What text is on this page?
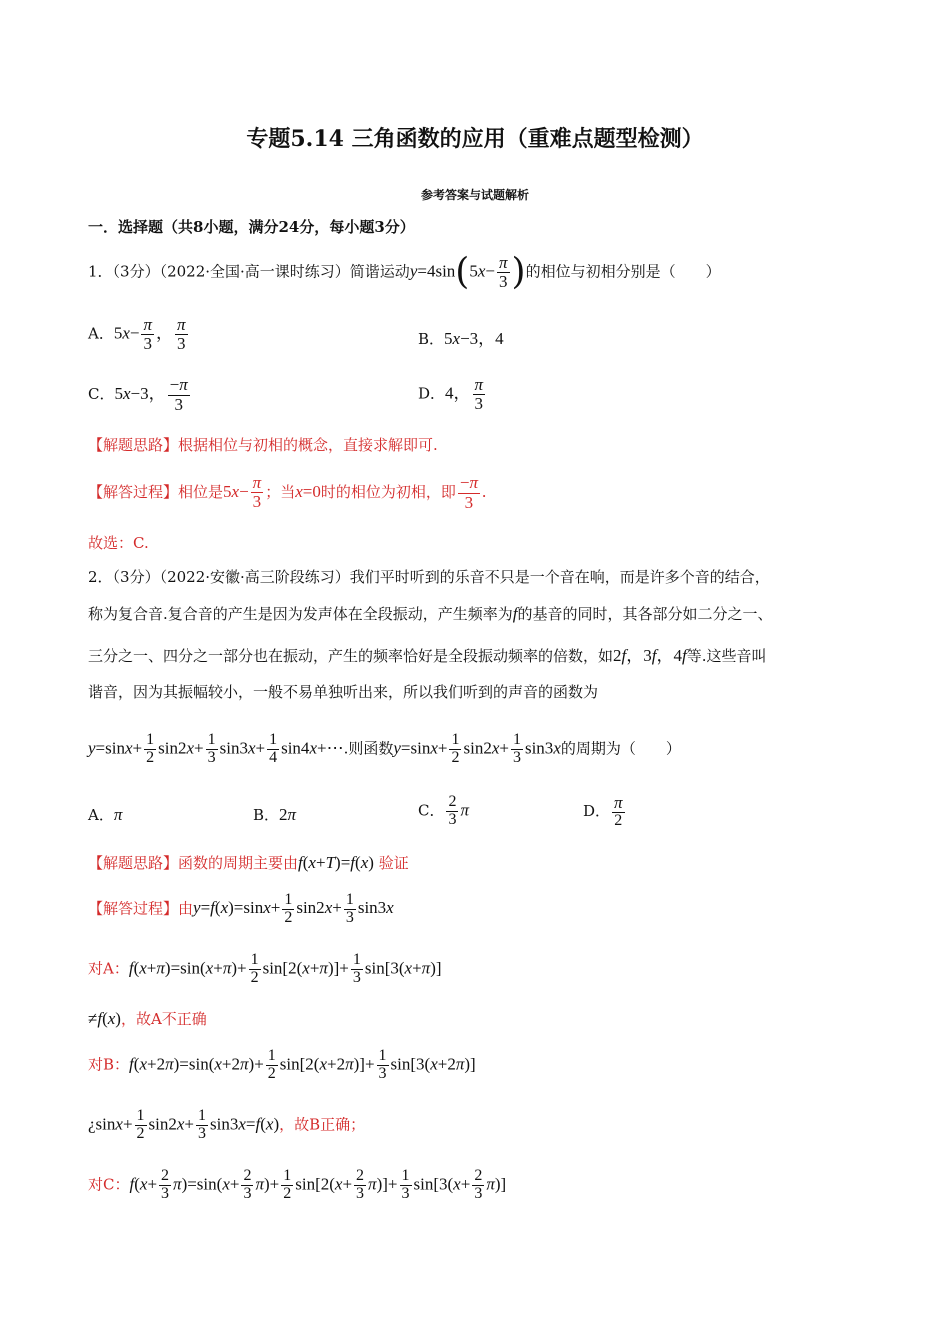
专题5.14 三角函数的应用（重难点题型检测）
参考答案与试题解析
一．选择题（共8小题，满分24分，每小题3分）
1．（3分）（2022·全国·高一课时练习）简谐运动$y=4\sin(5x- \frac{\pi}{3}$ )的相位与初相分别是（　　）
A．$5x- \frac{\pi}{3}$ ， $\frac{\pi}{3}$	B．5x−3，4
C．5x−3， $\frac{-\pi}{3}$	D．4， $\frac{\pi}{3}$
【解题思路】根据相位与初相的概念，直接求解即可.
【解答过程】相位是$5x- \frac{\pi}{3}$ ；当x=0时的相位为初相，即 $\frac{-\pi}{3}$ .
故选：C.
2．（3分）（2022·安徽·高三阶段练习）我们平时听到的乐音不只是一个音在响，而是许多个音的结合，
称为复合音.复合音的产生是因为发声体在全段振动，产生频率为f的基音的同时，其各部分如二分之一、
三分之一、四分之一部分也在振动，产生的频率恰好是全段振动频率的倍数，如2f，3f，4f等.这些音叫
谐音，因为其振幅较小，一般不易单独听出来，所以我们听到的声音的函数为
$y=\sin x+ \frac{1}{2} \sin 2x+ \frac{1}{3} \sin 3x+ \frac{1}{4}$ sin4x+⋯.则函数$y=\sin x+ \frac{1}{2} \sin 2x+ \frac{1}{3} \sin 3x$的周期为（　　）
A．π	B．2π	C． $\frac{2}{3}$ π	D． $\frac{\pi}{2}$
【解题思路】函数的周期主要由f(x+T)=f(x) 验证
【解答过程】由$y=f(x)=\sin x+ \frac{1}{2} \sin 2x+ \frac{1}{3} \sin 3x$
对A：$f(x+\pi)=\sin(x+\pi)+ \frac{1}{2} \sin[2(x+\pi)]+ \frac{1}{3} \sin[3(x+\pi)]$
≠f(x)，故A不正确
对B：$f(x+2\pi)=\sin(x+2\pi)+ \frac{1}{2} \sin[2(x+2\pi)]+ \frac{1}{3} \sin[3(x+2\pi)]$
¿$\sin x+ \frac{1}{2} \sin 2x+ \frac{1}{3} \sin 3x=f(x)$，故B正确；
对C：$f(x+ \frac{2}{3} \pi)=\sin(x+ \frac{2}{3} \pi)+ \frac{1}{2} \sin[2(x+ \frac{2}{3} \pi)]+ \frac{1}{3} \sin[3(x+ \frac{2}{3} \pi)]$
